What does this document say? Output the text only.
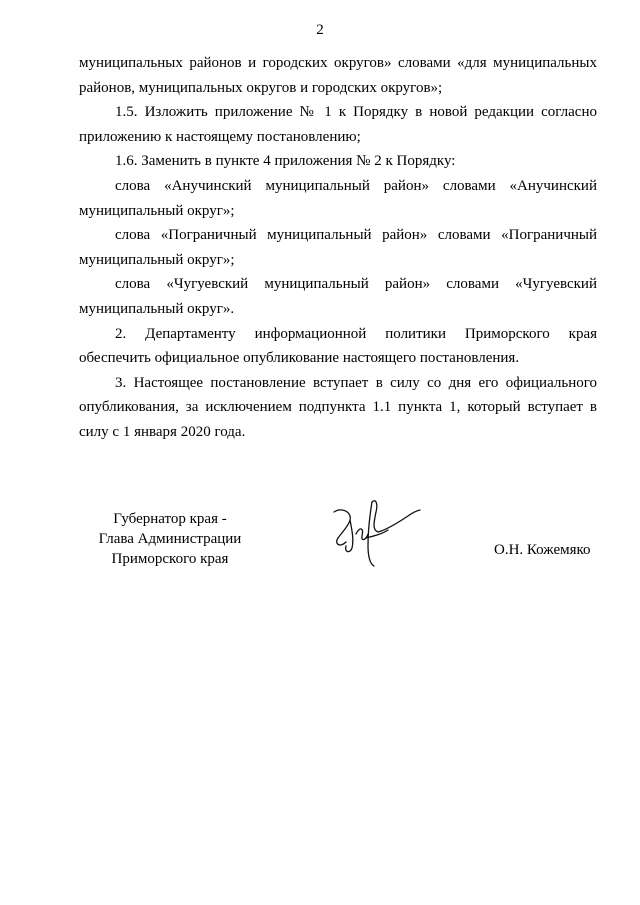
2

муниципальных районов и городских округов» словами «для муниципальных

районов, муниципальных округов и городских округов»;

1.5. Изложить приложение № 1 к Порядку в новой редакции согласно

приложению к настоящему постановлению;

1.6. Заменить в пункте 4 приложения № 2 к Порядку:

слова «Анучинский муниципальный район» словами «Анучинский

муниципальный округ»;

слова «Пограничный муниципальный район» словами «Пограничный

муниципальный округ»;

слова «Чугуевский муниципальный район» словами «Чугуевский

муниципальный округ».

2. Департаменту информационной политики Приморского края

обеспечить официальное опубликование настоящего постановления.

3. Настоящее постановление вступает в силу со дня его официального

опубликования, за исключением подпункта 1.1 пункта 1, который вступает в

силу с 1 января 2020 года.

Губернатор края -
Глава Администрации
Приморского края
О.Н. Кожемяко
